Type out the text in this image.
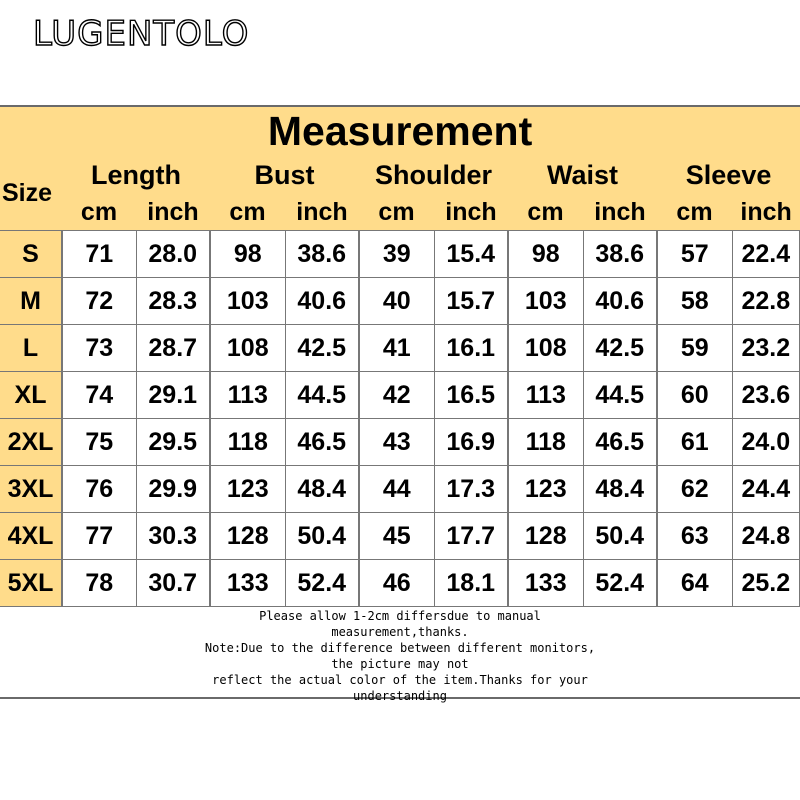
LUGENTOLO
Measurement										
Size	Length		Bust		Shoulder		Waist		Sleeve	
	cm	inch	cm	inch	cm	inch	cm	inch	cm	inch
S	71	28.0	98	38.6	39	15.4	98	38.6	57	22.4
M	72	28.3	103	40.6	40	15.7	103	40.6	58	22.8
L	73	28.7	108	42.5	41	16.1	108	42.5	59	23.2
XL	74	29.1	113	44.5	42	16.5	113	44.5	60	23.6
2XL	75	29.5	118	46.5	43	16.9	118	46.5	61	24.0
3XL	76	29.9	123	48.4	44	17.3	123	48.4	62	24.4
4XL	77	30.3	128	50.4	45	17.7	128	50.4	63	24.8
5XL	78	30.7	133	52.4	46	18.1	133	52.4	64	25.2
Please allow 1-2cm differsdue to manual
measurement,thanks.
Note:Due to the difference between different monitors,
the picture may not
reflect the actual color of the item.Thanks for your
understanding
